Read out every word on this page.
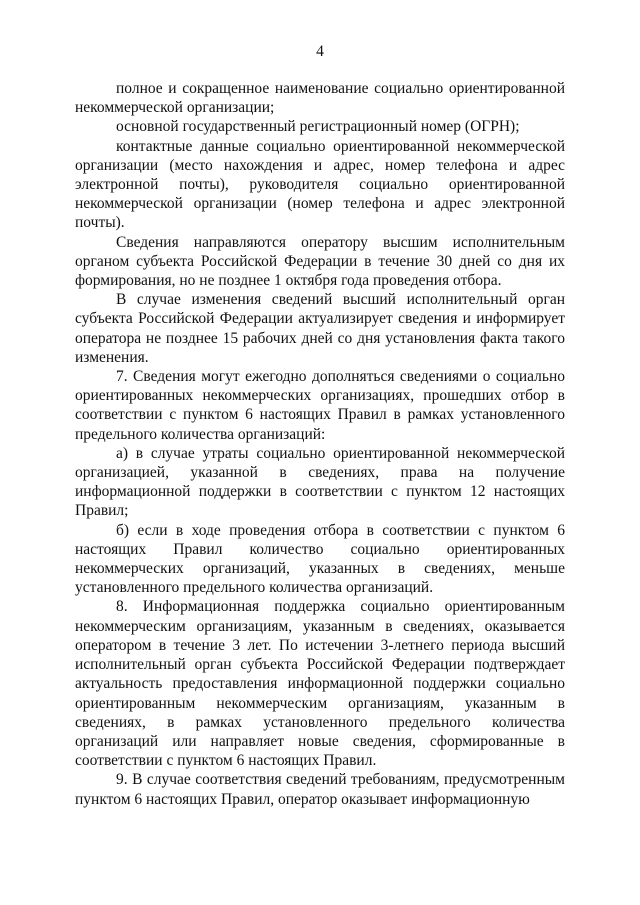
4

полное и сокращенное наименование социально ориентированной некоммерческой организации;

основной государственный регистрационный номер (ОГРН);

контактные данные социально ориентированной некоммерческой организации (место нахождения и адрес, номер телефона и адрес электронной почты), руководителя социально ориентированной некоммерческой организации (номер телефона и адрес электронной почты).

Сведения направляются оператору высшим исполнительным органом субъекта Российской Федерации в течение 30 дней со дня их формирования, но не позднее 1 октября года проведения отбора.

В случае изменения сведений высший исполнительный орган субъекта Российской Федерации актуализирует сведения и информирует оператора не позднее 15 рабочих дней со дня установления факта такого изменения.

7. Сведения могут ежегодно дополняться сведениями о социально ориентированных некоммерческих организациях, прошедших отбор в соответствии с пунктом 6 настоящих Правил в рамках установленного предельного количества организаций:

а) в случае утраты социально ориентированной некоммерческой организацией, указанной в сведениях, права на получение информационной поддержки в соответствии с пунктом 12 настоящих Правил;

б) если в ходе проведения отбора в соответствии с пунктом 6 настоящих Правил количество социально ориентированных некоммерческих организаций, указанных в сведениях, меньше установленного предельного количества организаций.

8. Информационная поддержка социально ориентированным некоммерческим организациям, указанным в сведениях, оказывается оператором в течение 3 лет. По истечении 3-летнего периода высший исполнительный орган субъекта Российской Федерации подтверждает актуальность предоставления информационной поддержки социально ориентированным некоммерческим организациям, указанным в сведениях, в рамках установленного предельного количества организаций или направляет новые сведения, сформированные в соответствии с пунктом 6 настоящих Правил.

9. В случае соответствия сведений требованиям, предусмотренным пунктом 6 настоящих Правил, оператор оказывает информационную
